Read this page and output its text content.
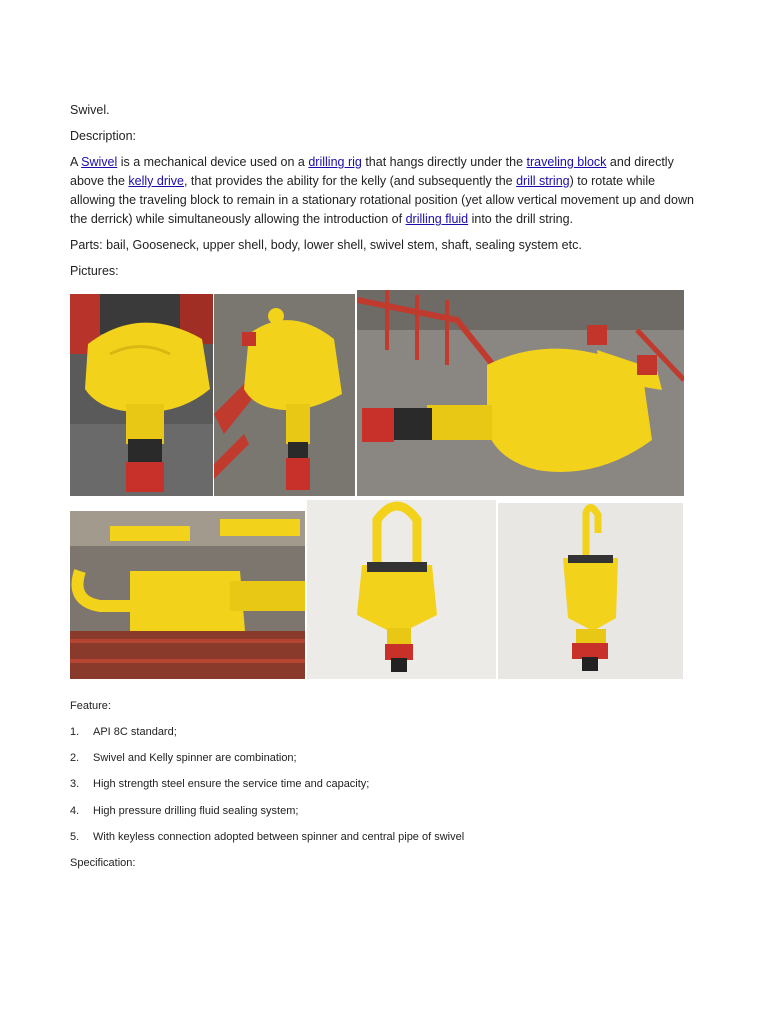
Swivel.
Description:
A Swivel is a mechanical device used on a drilling rig that hangs directly under the traveling block and directly above the kelly drive, that provides the ability for the kelly (and subsequently the drill string) to rotate while allowing the traveling block to remain in a stationary rotational position (yet allow vertical movement up and down the derrick) while simultaneously allowing the introduction of drilling fluid into the drill string.
Parts: bail, Gooseneck, upper shell, body, lower shell, swivel stem, shaft, sealing system etc.
Pictures:
Feature:
1. API 8C standard;
2. Swivel and Kelly spinner are combination;
3. High strength steel ensure the service time and capacity;
4. High pressure drilling fluid sealing system;
5. With keyless connection adopted between spinner and central pipe of swivel
Specification:
